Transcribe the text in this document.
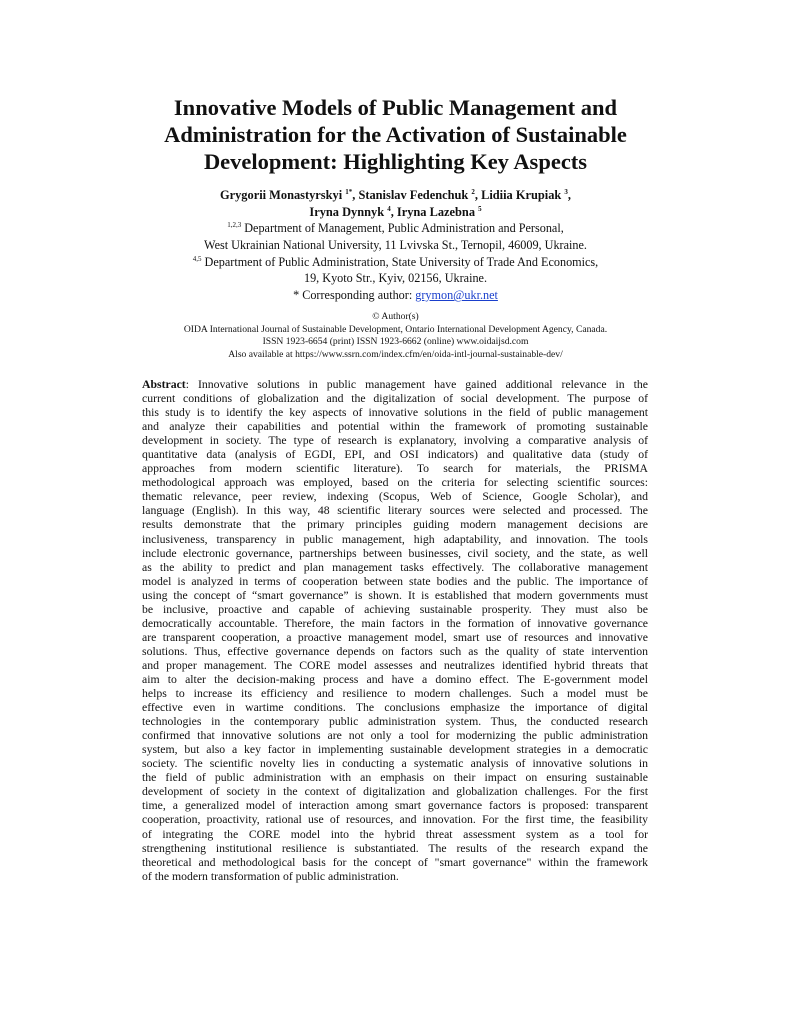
Innovative Models of Public Management and
Administration for the Activation of Sustainable
Development: Highlighting Key Aspects
Grygorii Monastyrskyi $^{1*}$, Stanislav Fedenchuk $^2$, Lidiia Krupiak $^3$,
Iryna Dynnyk $^4$, Iryna Lazebna $^5$
$^{1,2,3}$ Department of Management, Public Administration and Personal,
West Ukrainian National University, 11 Lvivska St., Ternopil, 46009, Ukraine.
$^{4,5}$ Department of Public Administration, State University of Trade And Economics,
19, Kyoto Str., Kyiv, 02156, Ukraine.
* Corresponding author: grymon@ukr.net
© Author(s)
OIDA International Journal of Sustainable Development, Ontario International Development Agency, Canada.
ISSN 1923-6654 (print) ISSN 1923-6662 (online) www.oidaijsd.com
Also available at https://www.ssrn.com/index.cfm/en/oida-intl-journal-sustainable-dev/
Abstract: Innovative solutions in public management have gained additional relevance in the
current conditions of globalization and the digitalization of social development. The purpose of
this study is to identify the key aspects of innovative solutions in the field of public management
and analyze their capabilities and potential within the framework of promoting sustainable
development in society. The type of research is explanatory, involving a comparative analysis of
quantitative data (analysis of EGDI, EPI, and OSI indicators) and qualitative data (study of
approaches from modern scientific literature). To search for materials, the PRISMA
methodological approach was employed, based on the criteria for selecting scientific sources:
thematic relevance, peer review, indexing (Scopus, Web of Science, Google Scholar), and
language (English). In this way, 48 scientific literary sources were selected and processed. The
results demonstrate that the primary principles guiding modern management decisions are
inclusiveness, transparency in public management, high adaptability, and innovation. The tools
include electronic governance, partnerships between businesses, civil society, and the state, as well
as the ability to predict and plan management tasks effectively. The collaborative management
model is analyzed in terms of cooperation between state bodies and the public. The importance of
using the concept of “smart governance” is shown. It is established that modern governments must
be inclusive, proactive and capable of achieving sustainable prosperity. They must also be
democratically accountable. Therefore, the main factors in the formation of innovative governance
are transparent cooperation, a proactive management model, smart use of resources and innovative
solutions. Thus, effective governance depends on factors such as the quality of state intervention
and proper management. The CORE model assesses and neutralizes identified hybrid threats that
aim to alter the decision-making process and have a domino effect. The E-government model
helps to increase its efficiency and resilience to modern challenges. Such a model must be
effective even in wartime conditions. The conclusions emphasize the importance of digital
technologies in the contemporary public administration system. Thus, the conducted research
confirmed that innovative solutions are not only a tool for modernizing the public administration
system, but also a key factor in implementing sustainable development strategies in a democratic
society. The scientific novelty lies in conducting a systematic analysis of innovative solutions in
the field of public administration with an emphasis on their impact on ensuring sustainable
development of society in the context of digitalization and globalization challenges. For the first
time, a generalized model of interaction among smart governance factors is proposed: transparent
cooperation, proactivity, rational use of resources, and innovation. For the first time, the feasibility
of integrating the CORE model into the hybrid threat assessment system as a tool for
strengthening institutional resilience is substantiated. The results of the research expand the
theoretical and methodological basis for the concept of "smart governance" within the framework
of the modern transformation of public administration.
